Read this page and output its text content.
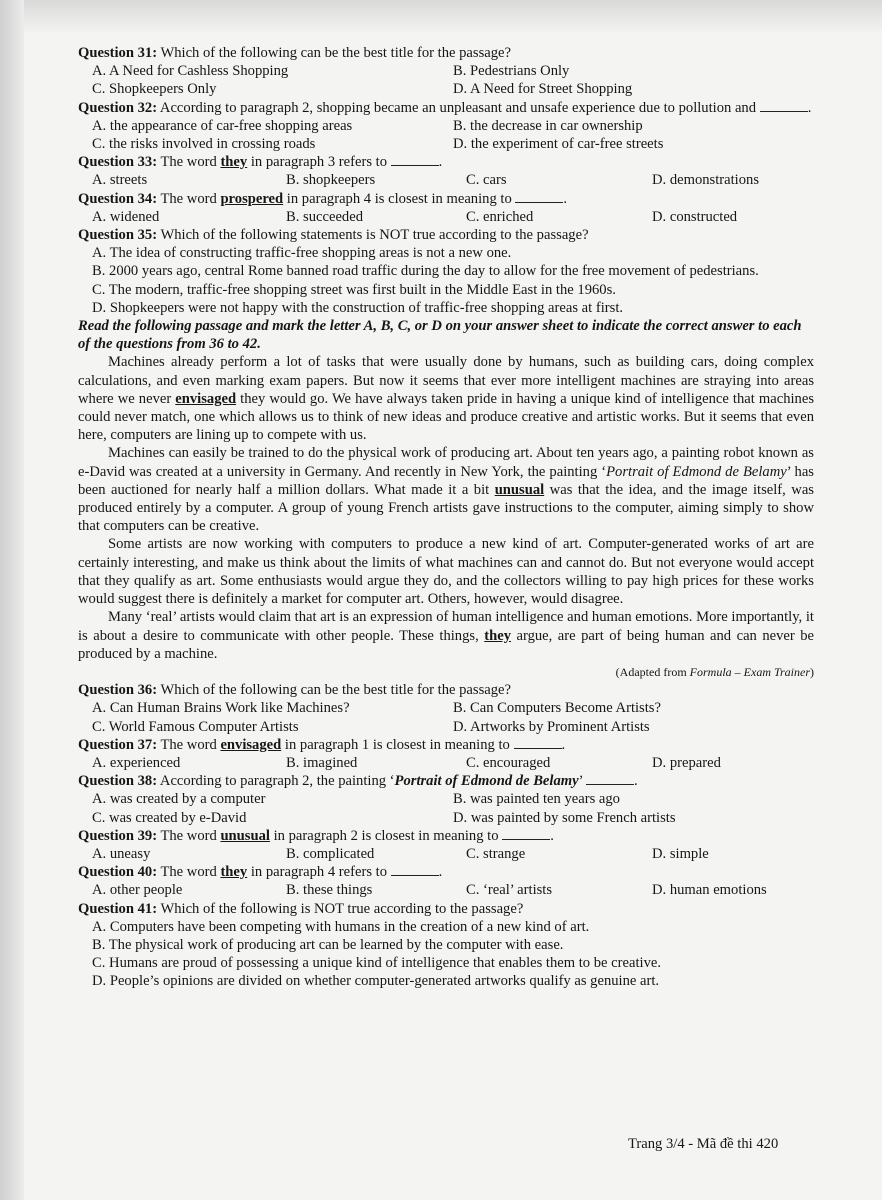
Question 31: Which of the following can be the best title for the passage?

A. A Need for Cashless Shopping	B. Pedestrians Only
C. Shopkeepers Only	D. A Need for Street Shopping

Question 32: According to paragraph 2, shopping became an unpleasant and unsafe experience due to pollution and	.

A. the appearance of car-free shopping areas	B. the decrease in car ownership
C. the risks involved in crossing roads	D. the experiment of car-free streets

Question 33: The word they in paragraph 3 refers to	.

A. streets	B. shopkeepers	C. cars	D. demonstrations

Question 34: The word prospered in paragraph 4 is closest in meaning to	.

A. widened	B. succeeded	C. enriched	D. constructed

Question 35: Which of the following statements is NOT true according to the passage?

A. The idea of constructing traffic-free shopping areas is not a new one.
B. 2000 years ago, central Rome banned road traffic during the day to allow for the free movement of pedestrians.
C. The modern, traffic-free shopping street was first built in the Middle East in the 1960s.
D. Shopkeepers were not happy with the construction of traffic-free shopping areas at first.

Read the following passage and mark the letter A, B, C, or D on your answer sheet to indicate the correct answer to each of the questions from 36 to 42.

Machines already perform a lot of tasks that were usually done by humans, such as building cars, doing complex calculations, and even marking exam papers. But now it seems that ever more intelligent machines are straying into areas where we never envisaged they would go. We have always taken pride in having a unique kind of intelligence that machines could never match, one which allows us to think of new ideas and produce creative and artistic works. But it seems that even here, computers are lining up to compete with us.

Machines can easily be trained to do the physical work of producing art. About ten years ago, a painting robot known as e-David was created at a university in Germany. And recently in New York, the painting ‘Portrait of Edmond de Belamy’ has been auctioned for nearly half a million dollars. What made it a bit unusual was that the idea, and the image itself, was produced entirely by a computer. A group of young French artists gave instructions to the computer, aiming simply to show that computers can be creative.

Some artists are now working with computers to produce a new kind of art. Computer-generated works of art are certainly interesting, and make us think about the limits of what machines can and cannot do. But not everyone would accept that they qualify as art. Some enthusiasts would argue they do, and the collectors willing to pay high prices for these works would suggest there is definitely a market for computer art. Others, however, would disagree.

Many ‘real’ artists would claim that art is an expression of human intelligence and human emotions. More importantly, it is about a desire to communicate with other people. These things, they argue, are part of being human and can never be produced by a machine.

(Adapted from Formula – Exam Trainer)

Question 36: Which of the following can be the best title for the passage?

A. Can Human Brains Work like Machines?	B. Can Computers Become Artists?
C. World Famous Computer Artists	D. Artworks by Prominent Artists

Question 37: The word envisaged in paragraph 1 is closest in meaning to	.

A. experienced	B. imagined	C. encouraged	D. prepared

Question 38: According to paragraph 2, the painting ‘Portrait of Edmond de Belamy’	.

A. was created by a computer	B. was painted ten years ago
C. was created by e-David	D. was painted by some French artists

Question 39: The word unusual in paragraph 2 is closest in meaning to	.

A. uneasy	B. complicated	C. strange	D. simple

Question 40: The word they in paragraph 4 refers to	.

A. other people	B. these things	C. ‘real’ artists	D. human emotions

Question 41: Which of the following is NOT true according to the passage?

A. Computers have been competing with humans in the creation of a new kind of art.
B. The physical work of producing art can be learned by the computer with ease.
C. Humans are proud of possessing a unique kind of intelligence that enables them to be creative.
D. People’s opinions are divided on whether computer-generated artworks qualify as genuine art.
Trang 3/4 - Mã đề thi 420
